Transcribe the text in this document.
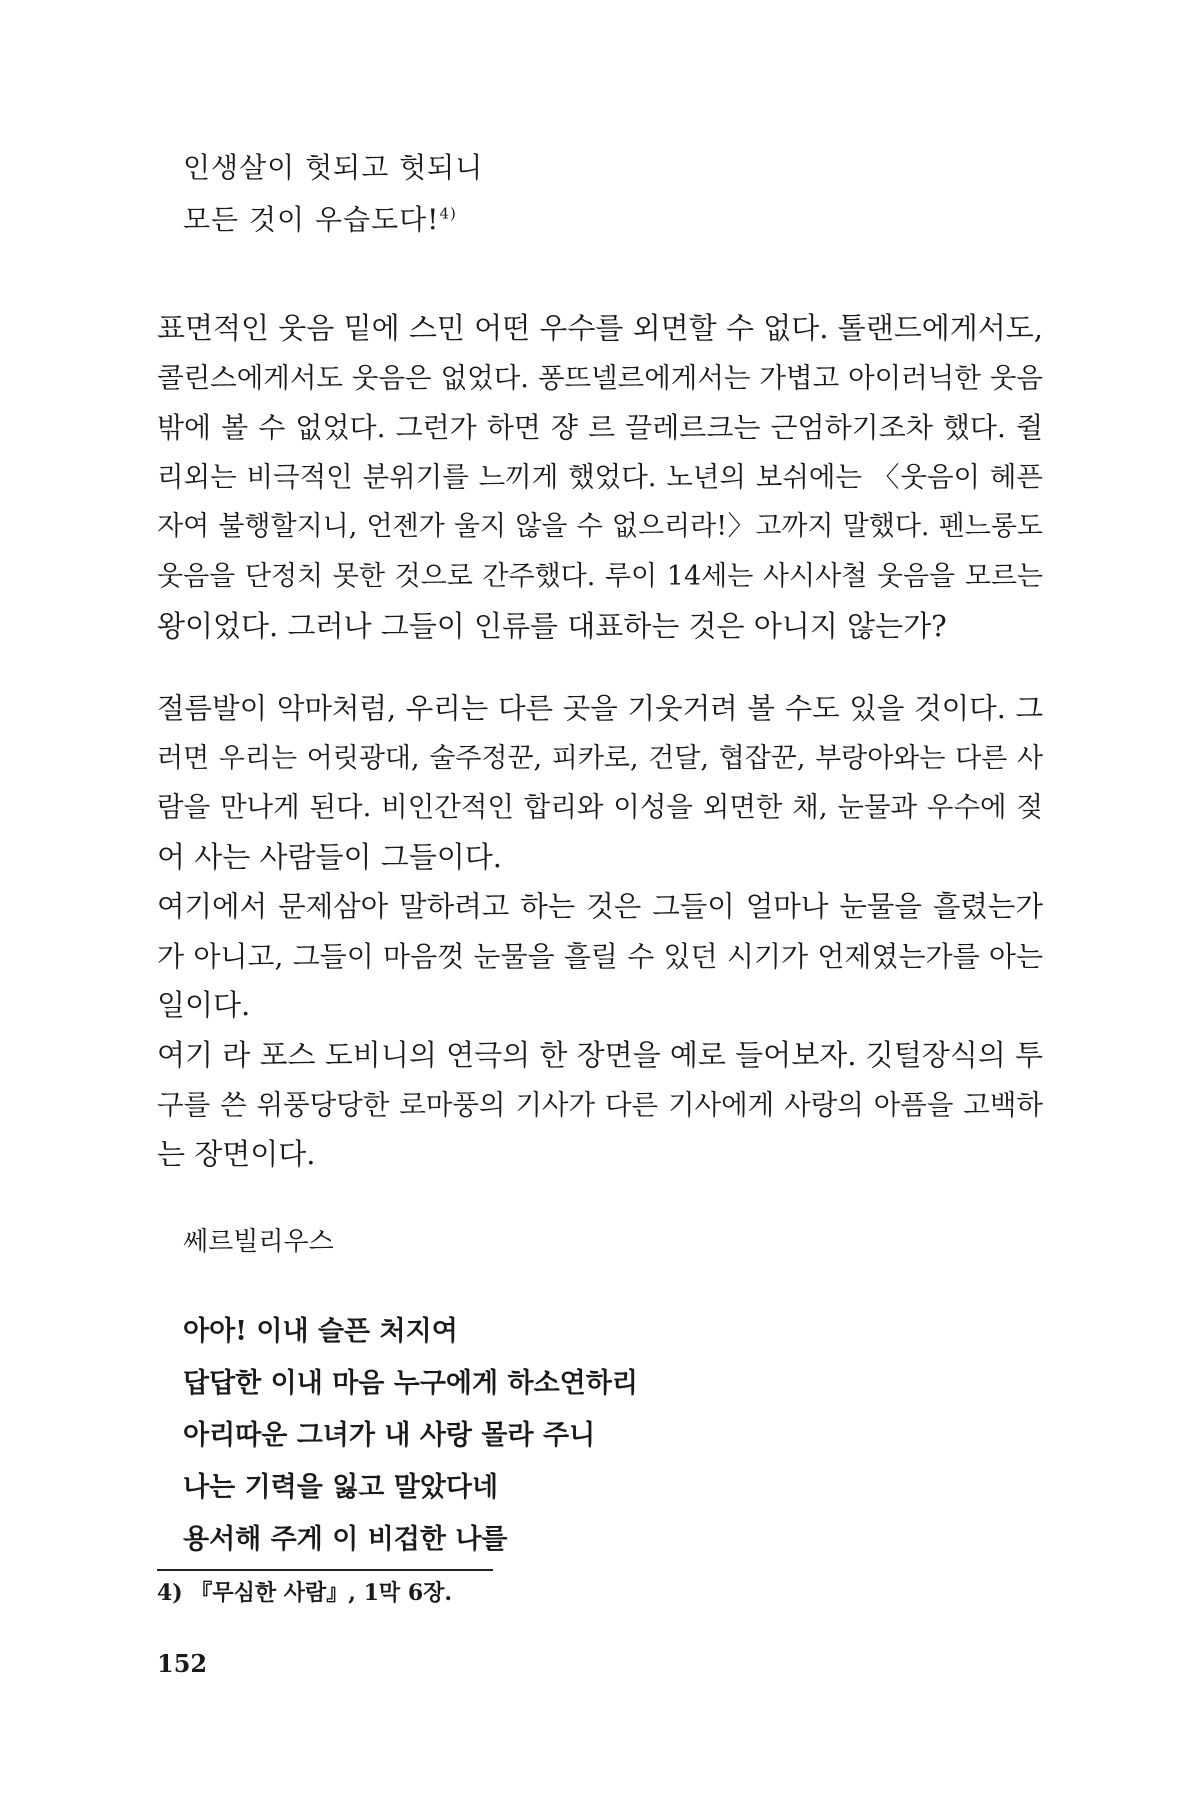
인생살이 헛되고 헛되니
모든 것이 우습도다!$^{4)}$

표면적인 웃음 밑에 스민 어떤 우수를 외면할 수 없다. 톨랜드에게서도,
콜린스에게서도 웃음은 없었다. 퐁뜨넬르에게서는 가볍고 아이러닉한 웃음
밖에 볼 수 없었다. 그런가 하면 쟝 르 끌레르크는 근엄하기조차 했다. 쥘
리외는 비극적인 분위기를 느끼게 했었다. 노년의 보쉬에는 〈웃음이 헤픈
자여 불행할지니, 언젠가 울지 않을 수 없으리라!〉고까지 말했다. 펜느롱도
웃음을 단정치 못한 것으로 간주했다. 루이 14세는 사시사철 웃음을 모르는
왕이었다. 그러나 그들이 인류를 대표하는 것은 아니지 않는가?

절름발이 악마처럼, 우리는 다른 곳을 기웃거려 볼 수도 있을 것이다. 그
러면 우리는 어릿광대, 술주정꾼, 피카로, 건달, 협잡꾼, 부랑아와는 다른 사
람을 만나게 된다. 비인간적인 합리와 이성을 외면한 채, 눈물과 우수에 젖
어 사는 사람들이 그들이다.

여기에서 문제삼아 말하려고 하는 것은 그들이 얼마나 눈물을 흘렸는가
가 아니고, 그들이 마음껏 눈물을 흘릴 수 있던 시기가 언제였는가를 아는
일이다.

여기 라 포스 도비니의 연극의 한 장면을 예로 들어보자. 깃털장식의 투
구를 쓴 위풍당당한 로마풍의 기사가 다른 기사에게 사랑의 아픔을 고백하
는 장면이다.

쎄르빌리우스
아아! 이내 슬픈 처지여
답답한 이내 마음 누구에게 하소연하리
아리따운 그녀가 내 사랑 몰라 주니
나는 기력을 잃고 말았다네
용서해 주게 이 비겁한 나를
4) 『무심한 사람』, 1막 6장.
152
